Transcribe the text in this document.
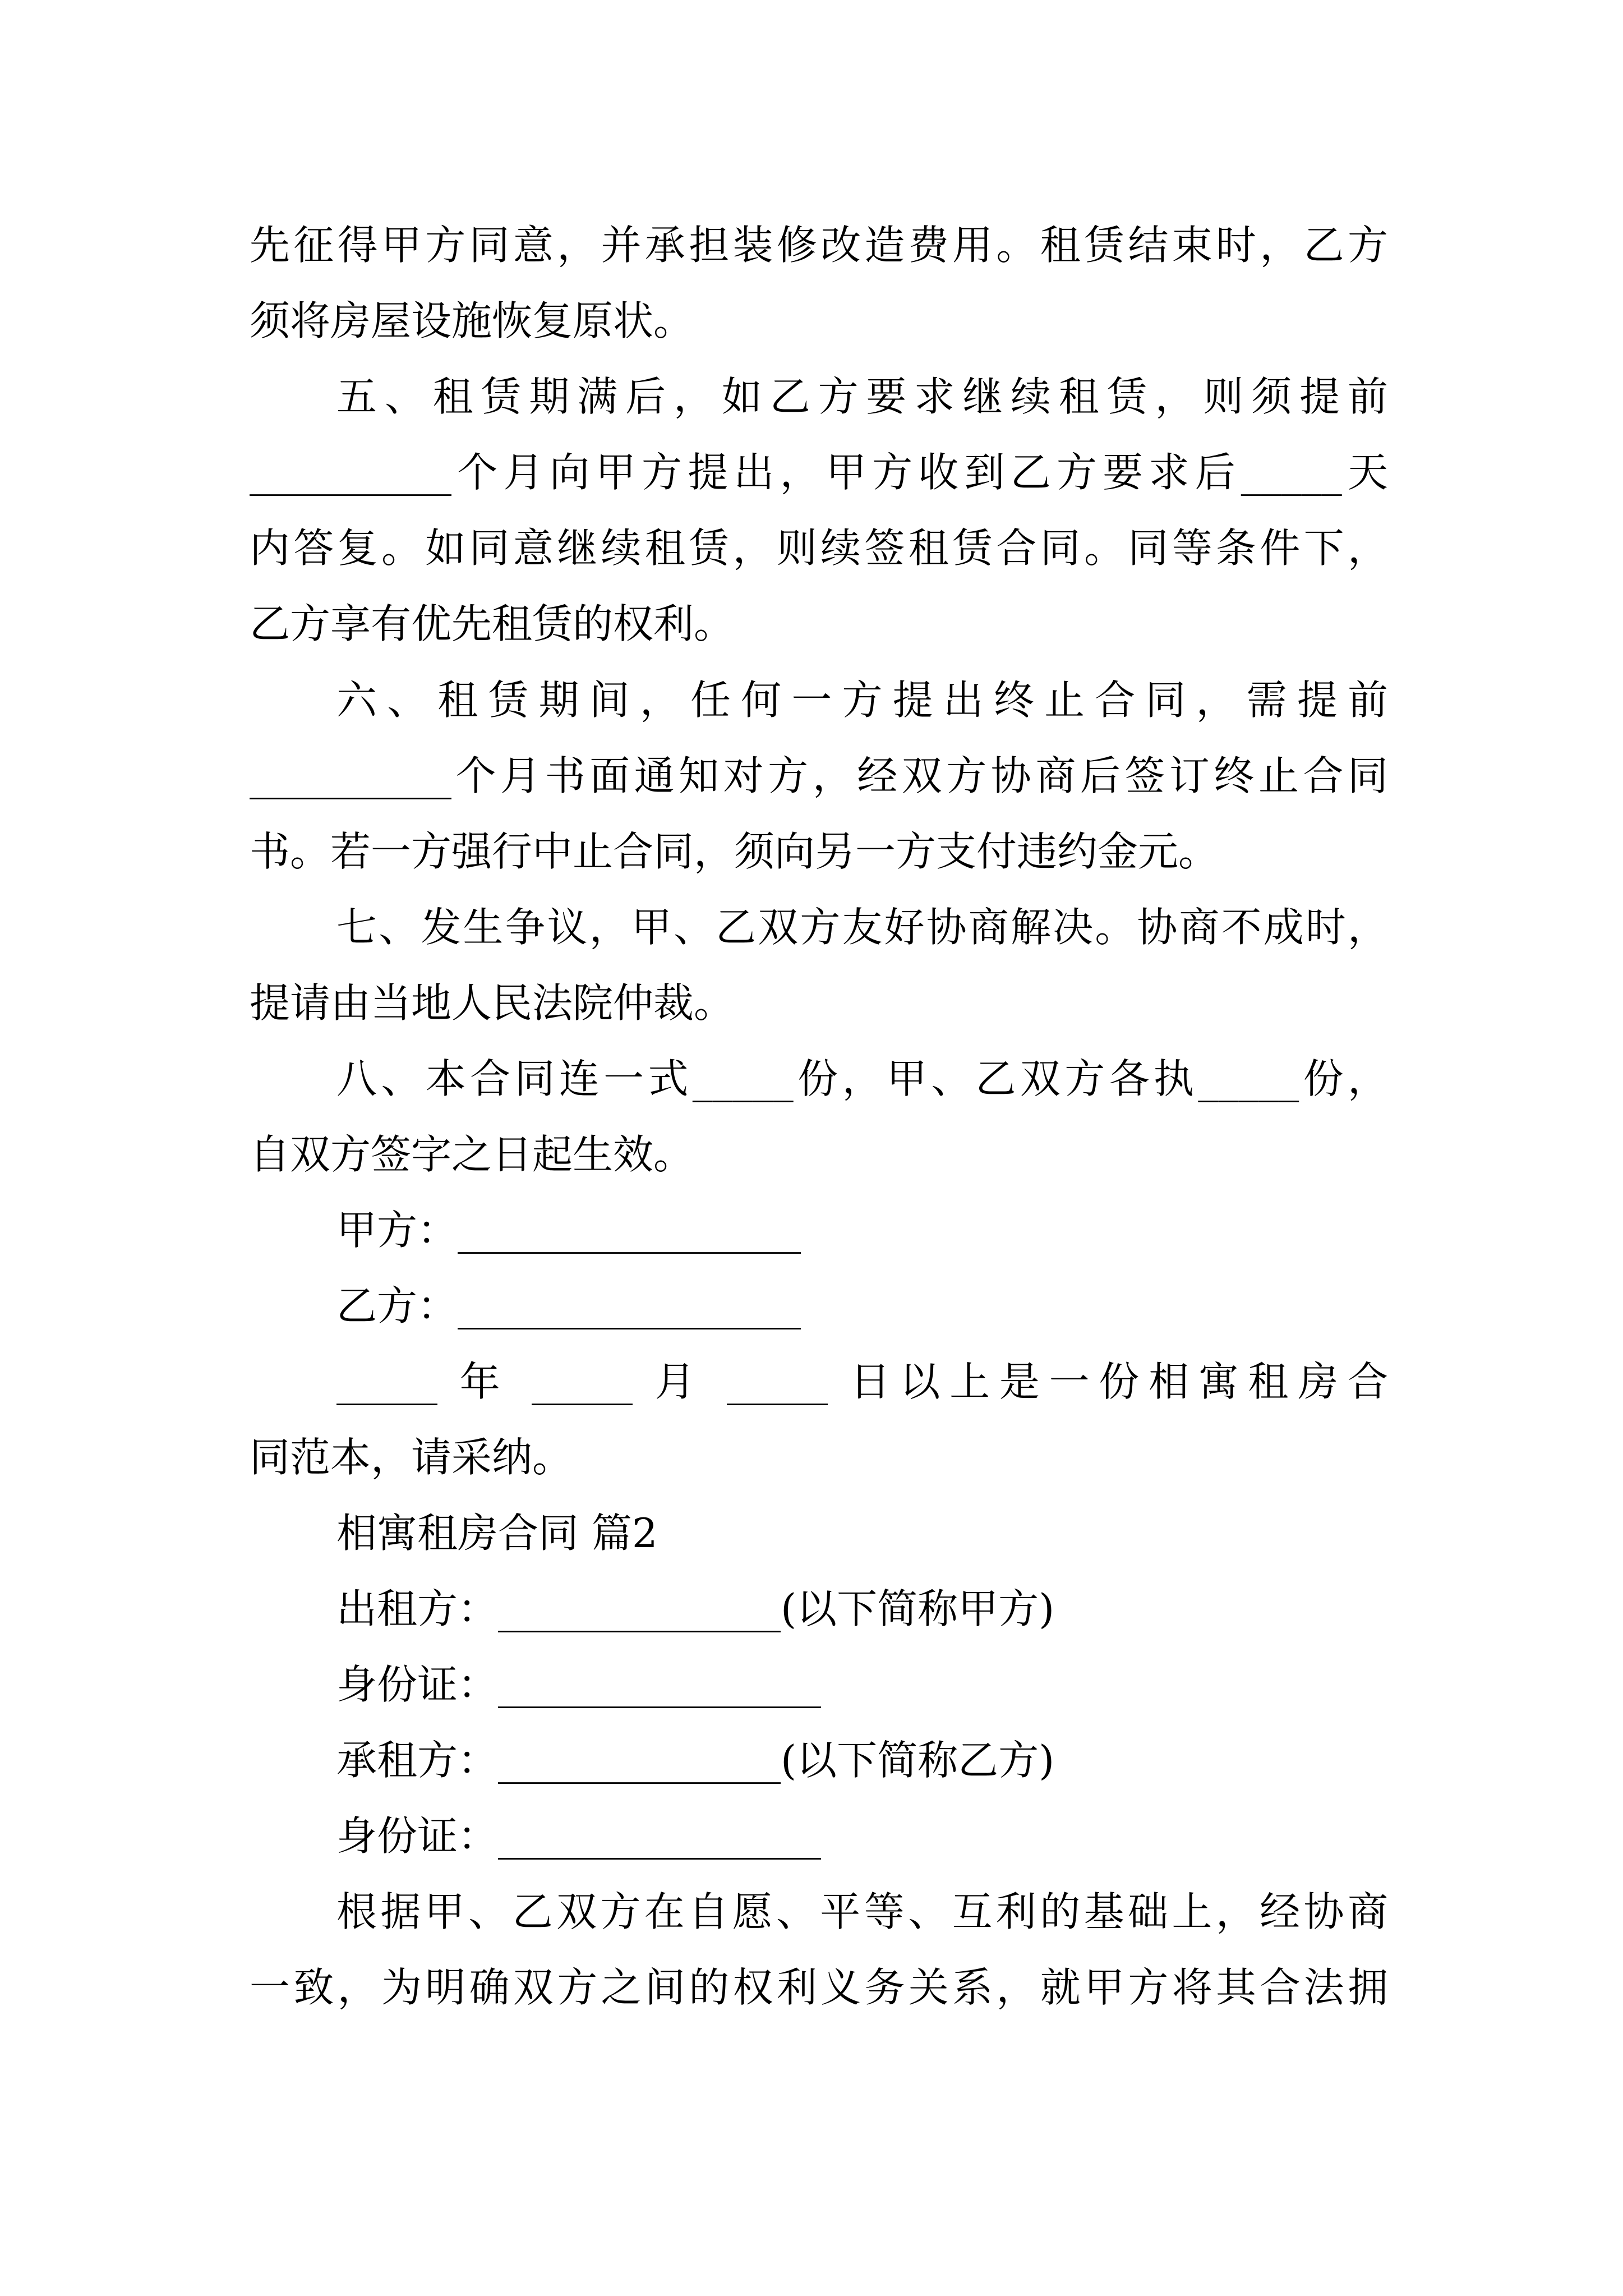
先征得甲方同意，并承担装修改造费用。租赁结束时，乙方
须将房屋设施恢复原状。
五、租赁期满后，如乙方要求继续租赁，则须提前
__________个月向甲方提出，甲方收到乙方要求后_____天
内答复。如同意继续租赁，则续签租赁合同。同等条件下，
乙方享有优先租赁的权利。
六、租赁期间，任何一方提出终止合同，需提前
__________个月书面通知对方，经双方协商后签订终止合同
书。若一方强行中止合同，须向另一方支付违约金元。
七、发生争议，甲、乙双方友好协商解决。协商不成时，
提请由当地人民法院仲裁。
八、本合同连一式_____份，甲、乙双方各执_____份，
自双方签字之日起生效。
甲方：_________________
乙方：_________________
_____ 年 _____ 月 _____ 日以上是一份相寓租房合
同范本，请采纳。
相寓租房合同 篇2
出租方：______________(以下简称甲方)
身份证：________________
承租方：______________(以下简称乙方)
身份证：________________
根据甲、乙双方在自愿、平等、互利的基础上，经协商
一致，为明确双方之间的权利义务关系，就甲方将其合法拥
